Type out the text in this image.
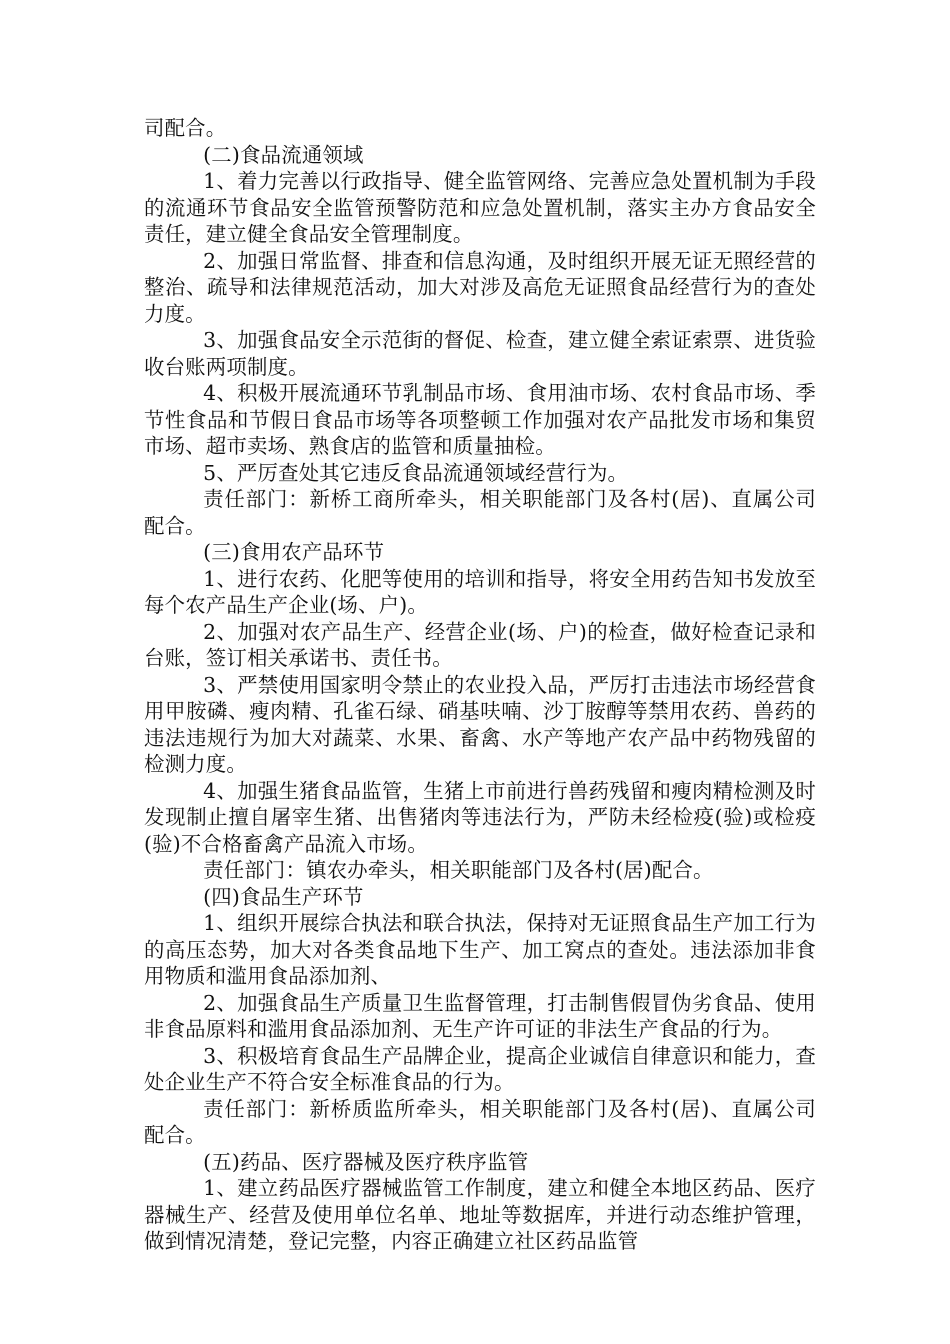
司配合。

(二)食品流通领域

1、着力完善以行政指导、健全监管网络、完善应急处置机制为手段的流通环节食品安全监管预警防范和应急处置机制，落实主办方食品安全责任，建立健全食品安全管理制度。

2、加强日常监督、排查和信息沟通，及时组织开展无证无照经营的整治、疏导和法律规范活动，加大对涉及高危无证照食品经营行为的查处力度。

3、加强食品安全示范街的督促、检查，建立健全索证索票、进货验收台账两项制度。

4、积极开展流通环节乳制品市场、食用油市场、农村食品市场、季节性食品和节假日食品市场等各项整顿工作加强对农产品批发市场和集贸市场、超市卖场、熟食店的监管和质量抽检。

5、严厉查处其它违反食品流通领域经营行为。

责任部门：新桥工商所牵头，相关职能部门及各村(居)、直属公司配合。

(三)食用农产品环节

1、进行农药、化肥等使用的培训和指导，将安全用药告知书发放至每个农产品生产企业(场、户)。

2、加强对农产品生产、经营企业(场、户)的检查，做好检查记录和台账，签订相关承诺书、责任书。

3、严禁使用国家明令禁止的农业投入品，严厉打击违法市场经营食用甲胺磷、瘦肉精、孔雀石绿、硝基呋喃、沙丁胺醇等禁用农药、兽药的违法违规行为加大对蔬菜、水果、畜禽、水产等地产农产品中药物残留的检测力度。

4、加强生猪食品监管，生猪上市前进行兽药残留和瘦肉精检测及时发现制止擅自屠宰生猪、出售猪肉等违法行为，严防未经检疫(验)或检疫(验)不合格畜禽产品流入市场。

责任部门：镇农办牵头，相关职能部门及各村(居)配合。

(四)食品生产环节

1、组织开展综合执法和联合执法，保持对无证照食品生产加工行为的高压态势，加大对各类食品地下生产、加工窝点的查处。违法添加非食用物质和滥用食品添加剂、

2、加强食品生产质量卫生监督管理，打击制售假冒伪劣食品、使用非食品原料和滥用食品添加剂、无生产许可证的非法生产食品的行为。

3、积极培育食品生产品牌企业，提高企业诚信自律意识和能力，查处企业生产不符合安全标准食品的行为。

责任部门：新桥质监所牵头，相关职能部门及各村(居)、直属公司配合。

(五)药品、医疗器械及医疗秩序监管

1、建立药品医疗器械监管工作制度，建立和健全本地区药品、医疗器械生产、经营及使用单位名单、地址等数据库，并进行动态维护管理，做到情况清楚，登记完整，内容正确建立社区药品监管
